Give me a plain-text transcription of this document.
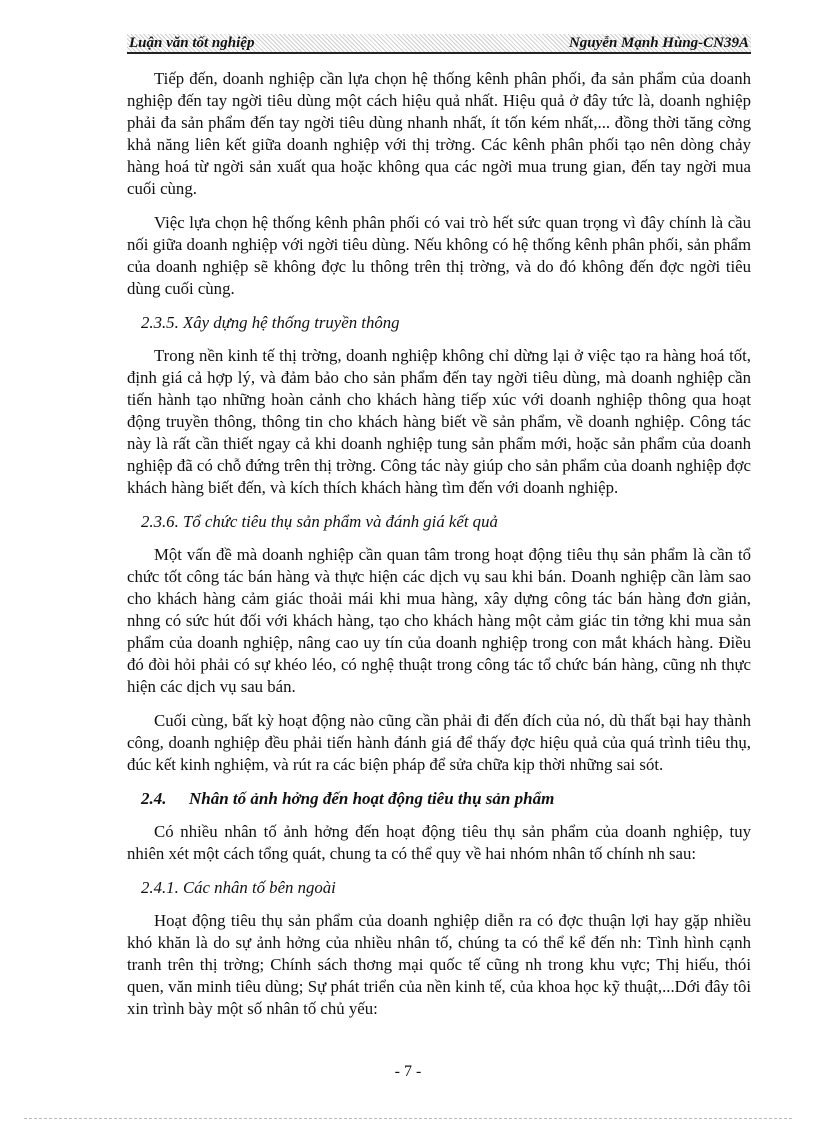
Luận văn tốt nghiệp	Nguyễn Mạnh Hùng-CN39A

Tiếp đến, doanh nghiệp cần lựa chọn hệ thống kênh phân phối, đa sản phẩm của doanh nghiệp đến tay ngời tiêu dùng một cách hiệu quả nhất. Hiệu quả ở đây tức là, doanh nghiệp phải đa sản phẩm đến tay ngời tiêu dùng nhanh nhất, ít tốn kém nhất,... đồng thời tăng cờng khả năng liên kết giữa doanh nghiệp với thị trờng. Các kênh phân phối tạo nên dòng chảy hàng hoá từ ngời sản xuất qua hoặc không qua các ngời mua trung gian, đến tay ngời mua cuối cùng.

Việc lựa chọn hệ thống kênh phân phối có vai trò hết sức quan trọng vì đây chính là cầu nối giữa doanh nghiệp với ngời tiêu dùng. Nếu không có hệ thống kênh phân phối, sản phẩm của doanh nghiệp sẽ không đợc lu thông trên thị trờng, và do đó không đến đợc ngời tiêu dùng cuối cùng.

2.3.5. Xây dựng hệ thống truyền thông

Trong nền kinh tế thị trờng, doanh nghiệp không chỉ dừng lại ở việc tạo ra hàng hoá tốt, định giá cả hợp lý, và đảm bảo cho sản phẩm đến tay ngời tiêu dùng, mà doanh nghiệp cần tiến hành tạo những hoàn cảnh cho khách hàng tiếp xúc với doanh nghiệp thông qua hoạt động truyền thông, thông tin cho khách hàng biết về sản phẩm, về doanh nghiệp. Công tác này là rất cần thiết ngay cả khi doanh nghiệp tung sản phẩm mới, hoặc sản phẩm của doanh nghiệp đã có chỗ đứng trên thị trờng. Công tác này giúp cho sản phẩm của doanh nghiệp đợc khách hàng biết đến, và kích thích khách hàng tìm đến với doanh nghiệp.

2.3.6. Tổ chức tiêu thụ sản phẩm và đánh giá kết quả

Một vấn đề mà doanh nghiệp cần quan tâm trong hoạt động tiêu thụ sản phẩm là cần tổ chức tốt công tác bán hàng và thực hiện các dịch vụ sau khi bán. Doanh nghiệp cần làm sao cho khách hàng cảm giác thoải mái khi mua hàng, xây dựng công tác bán hàng đơn giản, nhng có sức hút đối với khách hàng, tạo cho khách hàng một cảm giác tin tởng khi mua sản phẩm của doanh nghiệp, nâng cao uy tín của doanh nghiệp trong con mắt khách hàng. Điều đó đòi hỏi phải có sự khéo léo, có nghệ thuật trong công tác tổ chức bán hàng, cũng nh thực hiện các dịch vụ sau bán.

Cuối cùng, bất kỳ hoạt động nào cũng cần phải đi đến đích của nó, dù thất bại hay thành công, doanh nghiệp đều phải tiến hành đánh giá để thấy đợc hiệu quả của quá trình tiêu thụ, đúc kết kinh nghiệm, và rút ra các biện pháp để sửa chữa kịp thời những sai sót.

2.4. Nhân tố ảnh hởng đến hoạt động tiêu thụ sản phẩm

Có nhiều nhân tố ảnh hởng đến hoạt động tiêu thụ sản phẩm của doanh nghiệp, tuy nhiên xét một cách tổng quát, chung ta có thể quy về hai nhóm nhân tố chính nh sau:

2.4.1. Các nhân tố bên ngoài

Hoạt động tiêu thụ sản phẩm của doanh nghiệp diễn ra có đợc thuận lợi hay gặp nhiều khó khăn là do sự ảnh hởng của nhiều nhân tố, chúng ta có thể kể đến nh: Tình hình cạnh tranh trên thị trờng; Chính sách thơng mại quốc tế cũng nh trong khu vực; Thị hiếu, thói quen, văn minh tiêu dùng; Sự phát triển của nền kinh tế, của khoa học kỹ thuật,...Dới đây tôi xin trình bày một số nhân tố chủ yếu:

- 7 -
